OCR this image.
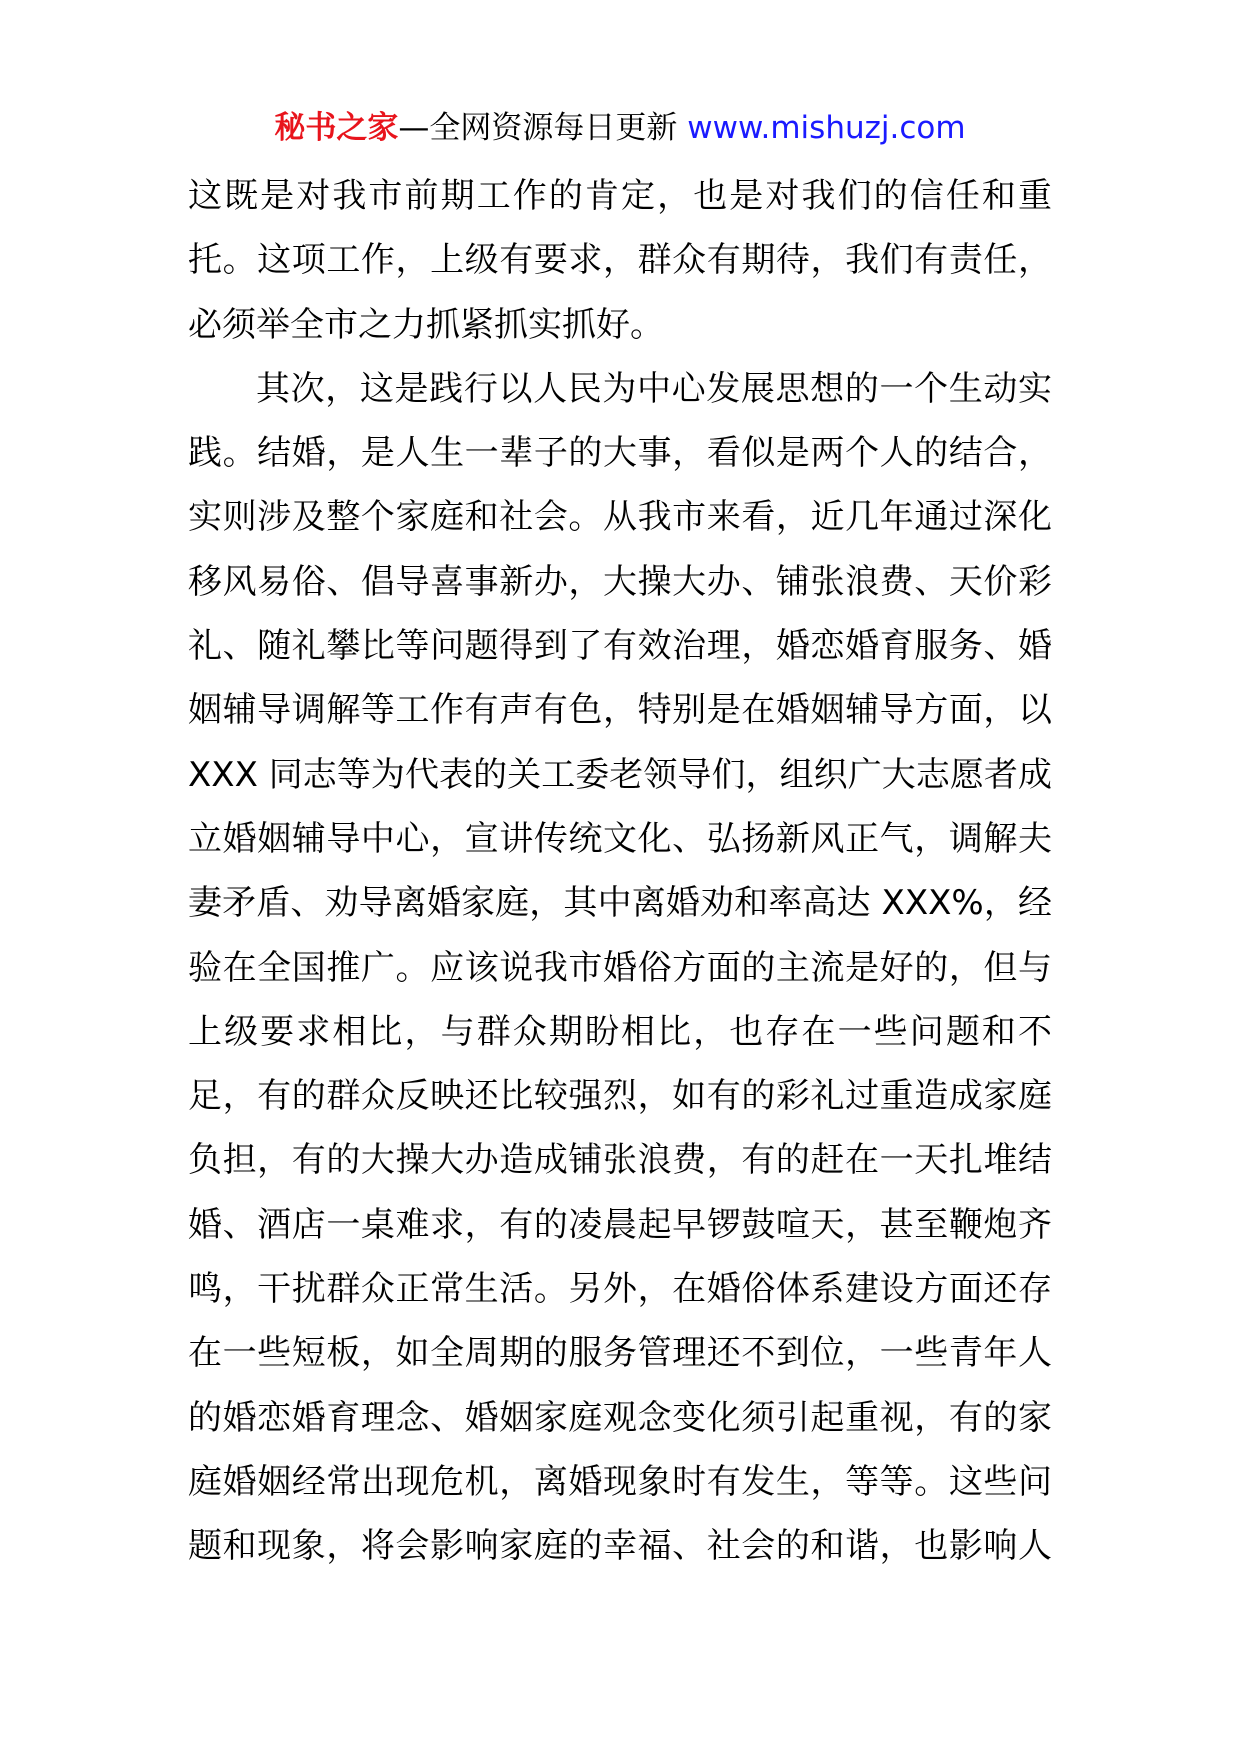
秘书之家—全网资源每日更新 www.mishuzj.com
这既是对我市前期工作的肯定，也是对我们的信任和重
托。这项工作，上级有要求，群众有期待，我们有责任，
必须举全市之力抓紧抓实抓好。
其次，这是践行以人民为中心发展思想的一个生动实
践。结婚，是人生一辈子的大事，看似是两个人的结合，
实则涉及整个家庭和社会。从我市来看，近几年通过深化
移风易俗、倡导喜事新办，大操大办、铺张浪费、天价彩
礼、随礼攀比等问题得到了有效治理，婚恋婚育服务、婚
姻辅导调解等工作有声有色，特别是在婚姻辅导方面，以
XXX 同志等为代表的关工委老领导们，组织广大志愿者成
立婚姻辅导中心，宣讲传统文化、弘扬新风正气，调解夫
妻矛盾、劝导离婚家庭，其中离婚劝和率高达 XXX%，经
验在全国推广。应该说我市婚俗方面的主流是好的，但与
上级要求相比，与群众期盼相比，也存在一些问题和不
足，有的群众反映还比较强烈，如有的彩礼过重造成家庭
负担，有的大操大办造成铺张浪费，有的赶在一天扎堆结
婚、酒店一桌难求，有的凌晨起早锣鼓喧天，甚至鞭炮齐
鸣，干扰群众正常生活。另外，在婚俗体系建设方面还存
在一些短板，如全周期的服务管理还不到位，一些青年人
的婚恋婚育理念、婚姻家庭观念变化须引起重视，有的家
庭婚姻经常出现危机，离婚现象时有发生，等等。这些问
题和现象，将会影响家庭的幸福、社会的和谐，也影响人
